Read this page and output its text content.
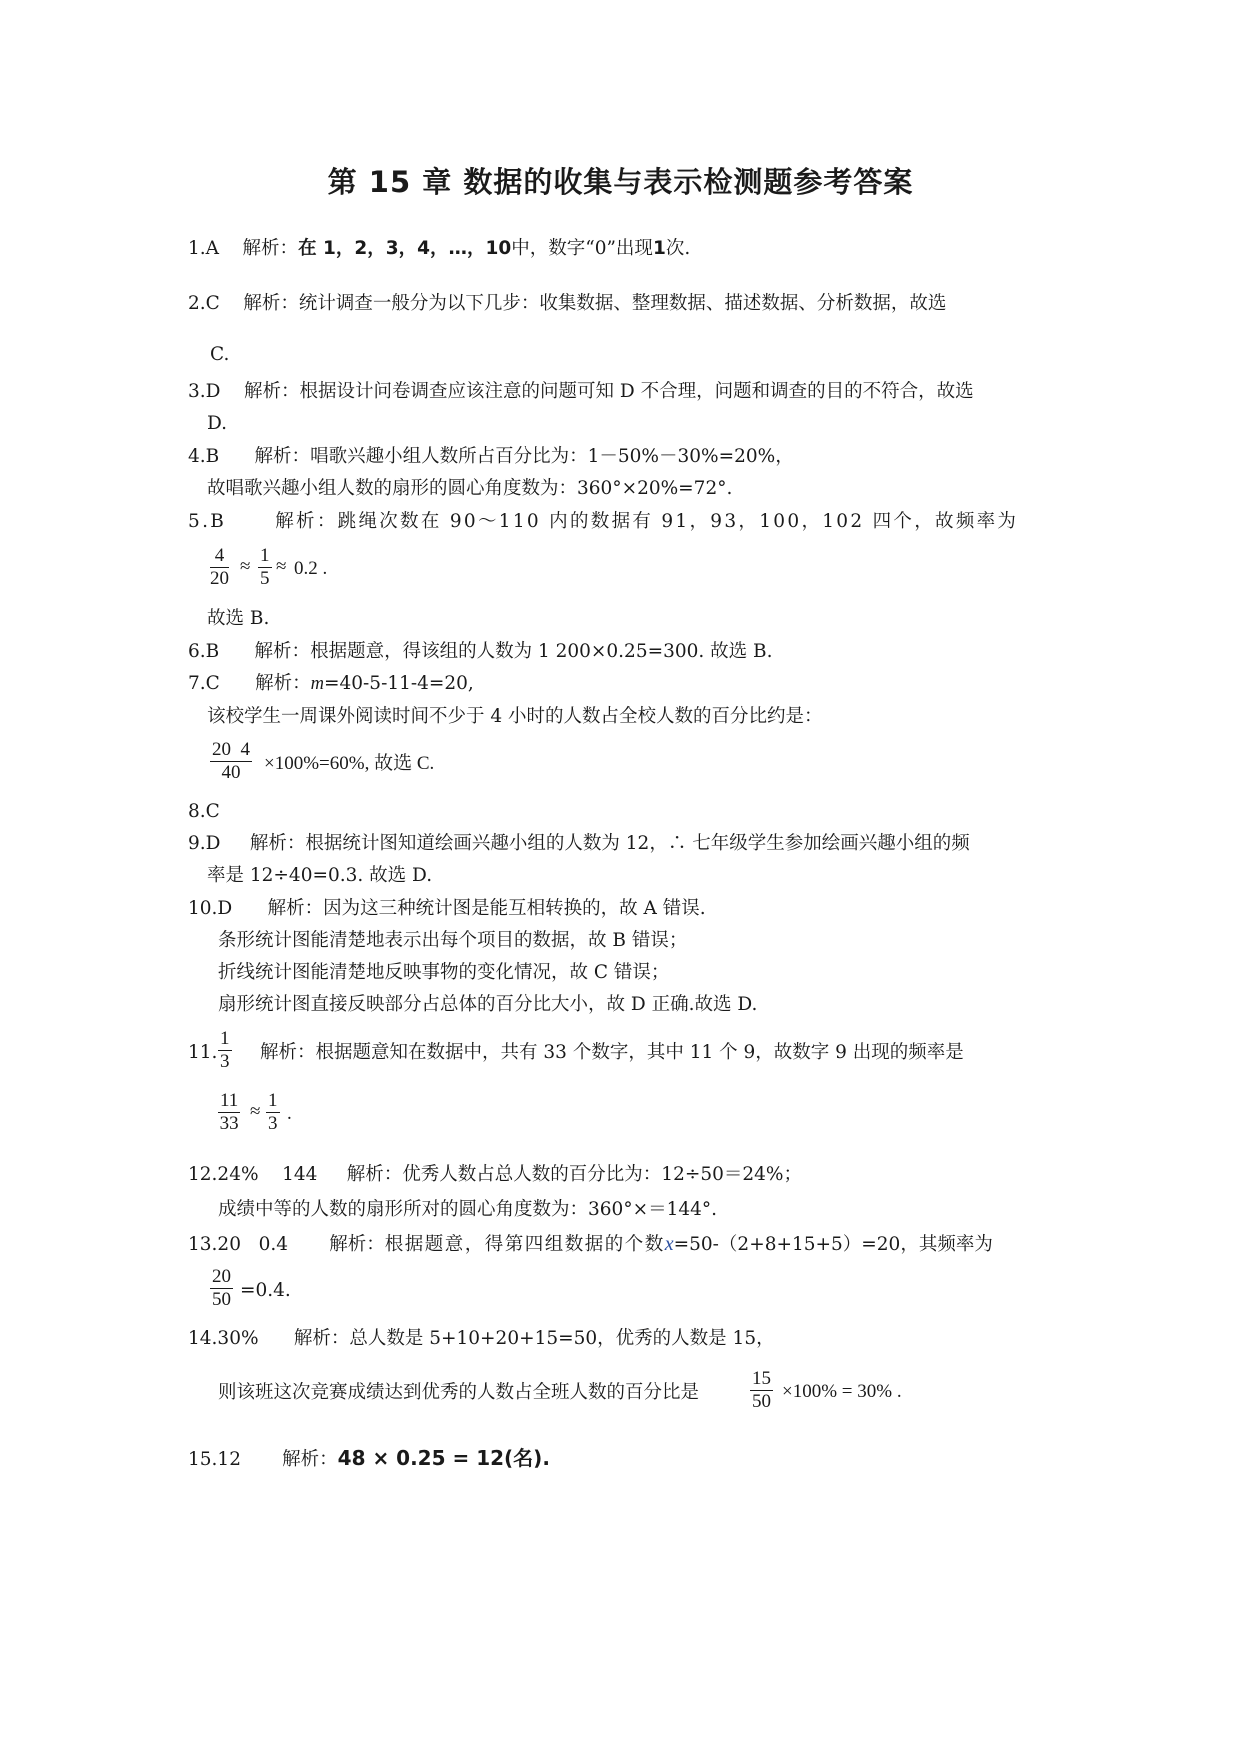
第 15 章 数据的收集与表示检测题参考答案
1.A 解析：在 1，2，3，4，…，10中，数字“0”出现1次.
2.C 解析：统计调查一般分为以下几步：收集数据、整理数据、描述数据、分析数据，故选
C.
3.D 解析：根据设计问卷调查应该注意的问题可知 D 不合理，问题和调查的目的不符合，故选
D.
4.B 解析：唱歌兴趣小组人数所占百分比为：1－50%－30%=20%，
故唱歌兴趣小组人数的扇形的圆心角度数为：360°×20%=72°.
5.B	解析：跳绳次数在 90～110 内的数据有 91，93，100，102 四个，故频率为
4
20
≈
1
5
≈ 0.2 .
故选 B.
6.B 解析：根据题意，得该组的人数为 1 200×0.25=300. 故选 B.
7.C 解析：m=40-5-11-4=20,
该校学生一周课外阅读时间不少于 4 小时的人数占全校人数的百分比约是：
20  4
40	×100%=60%, 故选 C.
8.C
9.D 解析：根据统计图知道绘画兴趣小组的人数为 12，∴ 七年级学生参加绘画兴趣小组的频
率是 12÷40=0.3. 故选 D.
10.D 解析：因为这三种统计图是能互相转换的，故 A 错误.
条形统计图能清楚地表示出每个项目的数据，故 B 错误；
折线统计图能清楚地反映事物的变化情况，故 C 错误；
扇形统计图直接反映部分占总体的百分比大小，故 D 正确.故选 D.
11.
1
3 解析：根据题意知在数据中，共有 33 个数字，其中 11 个 9，故数字 9 出现的频率是
11
33
≈
1
3 .
12.24%    144 解析：优秀人数占总人数的百分比为：12÷50＝24%；
成绩中等的人数的扇形所对的圆心角度数为：360°×＝144°.
13.20   0.4 解析：根据题意，得第四组数据的个数x=50-（2+8+15+5）=20，其频率为
20
50 =0.4.
14.30% 解析：总人数是 5+10+20+15=50，优秀的人数是 15，
则该班这次竞赛成绩达到优秀的人数占全班人数的百分比是
15
50 ×100% = 30% .
15.12 解析：48 × 0.25 = 12(名).
